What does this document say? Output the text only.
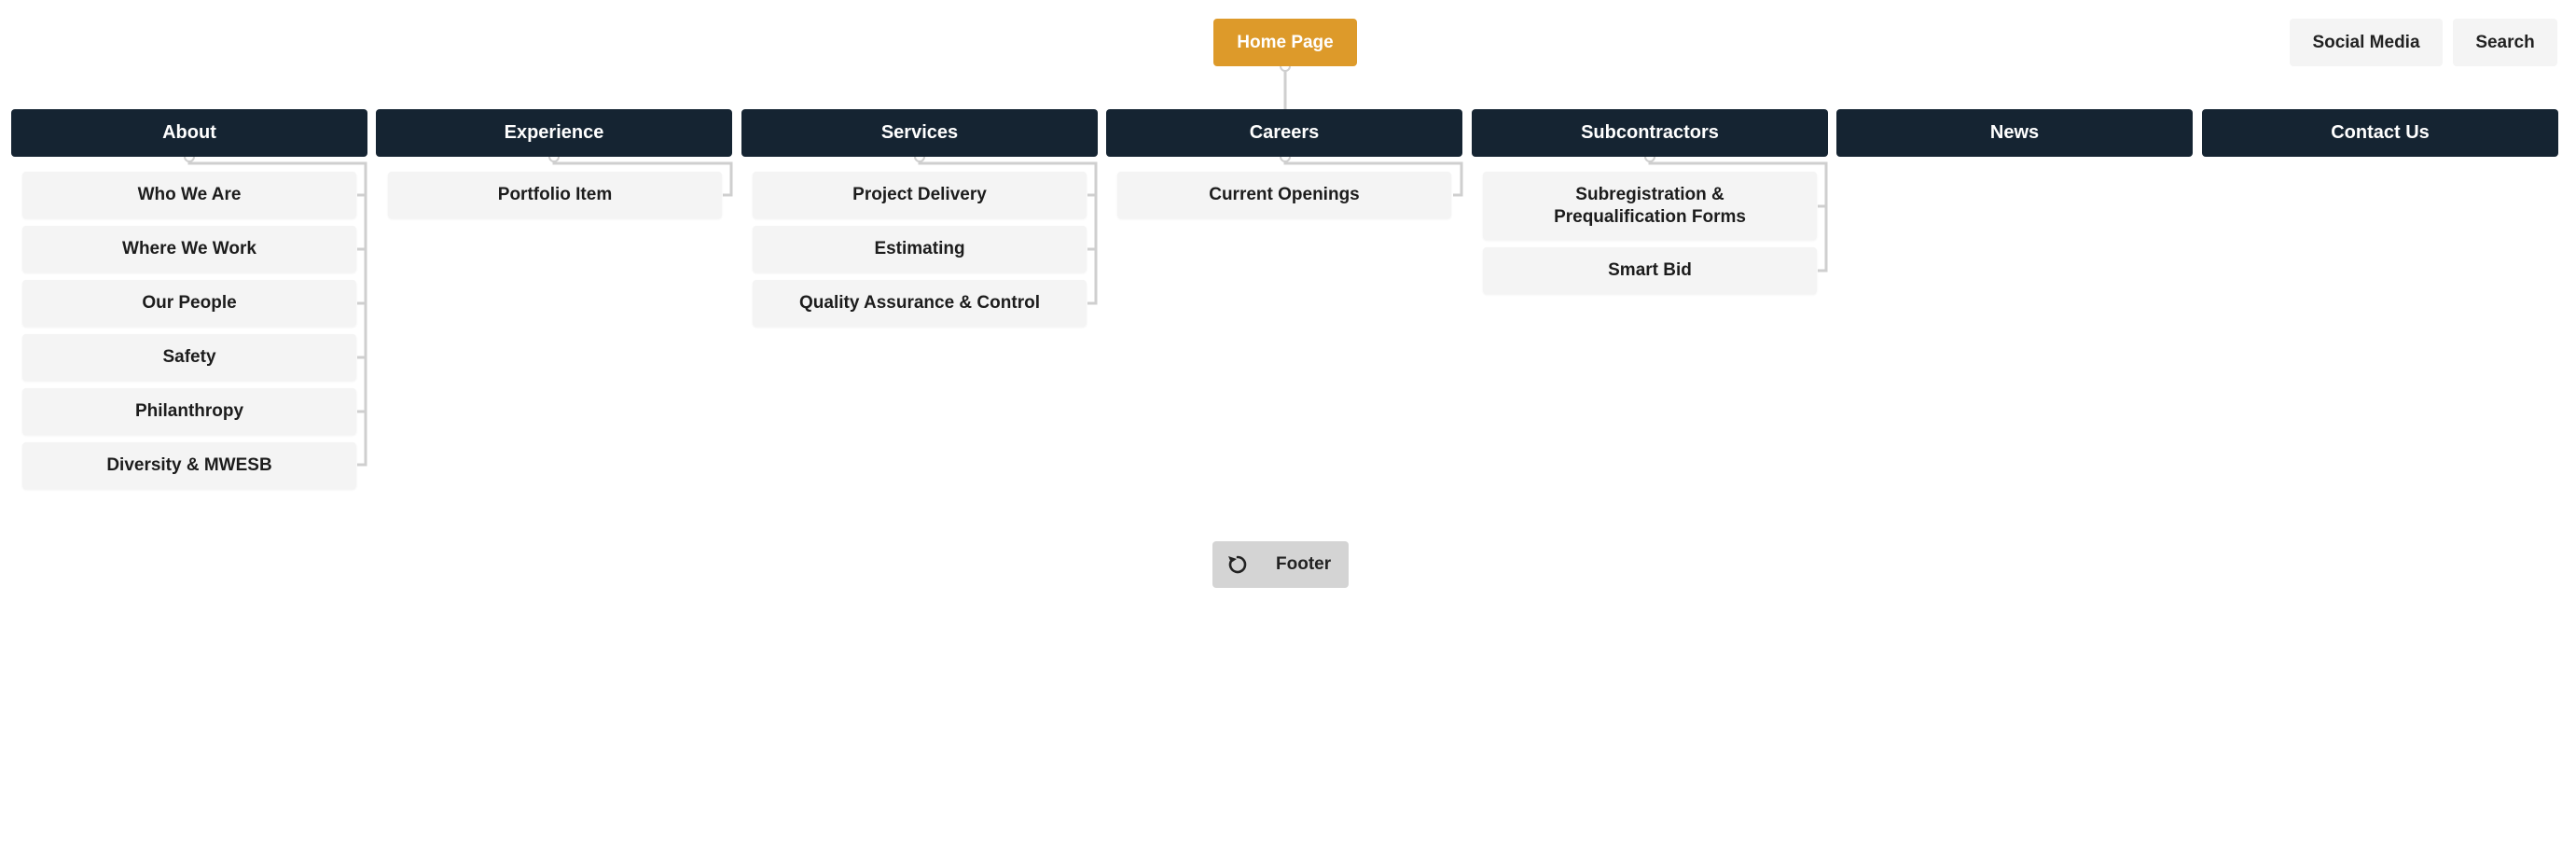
Home Page	Social Media	Search
About	Experience	Services	Careers	Subcontractors	News	Contact Us
Who We Are
Where We Work
Our People
Safety
Philanthropy
Diversity & MWESB
Portfolio Item	Project Delivery
Estimating
Quality Assurance & Control
Current Openings	Subregistration & Prequalification Forms
Smart Bid
Footer
